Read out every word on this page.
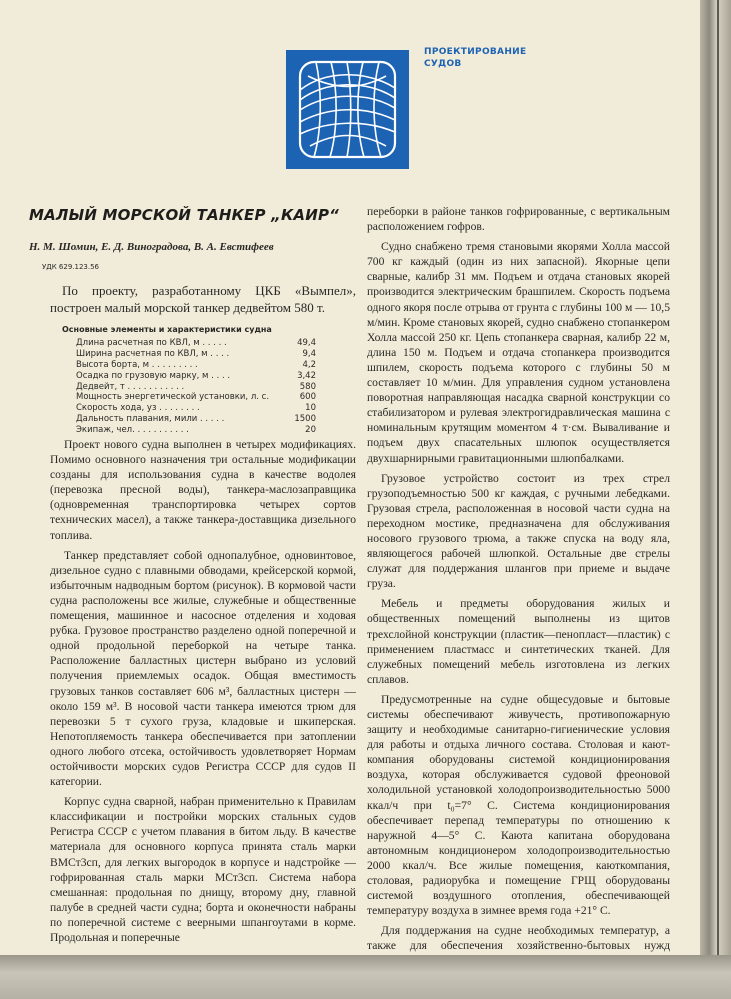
ПРОЕКТИРОВАНИЕ
СУДОВ
МАЛЫЙ МОРСКОЙ ТАНКЕР „КАИР“
Н. М. Шомин, Е. Д. Виноградова, В. А. Евстифеев
УДК 629.123.56
По проекту, разработанному ЦКБ «Вымпел», построен малый морской танкер дедвейтом 580 т.
Основные элементы и характеристики судна
Длина расчетная по КВЛ, м . . . . .	49,4
Ширина расчетная по КВЛ, м . . . .	9,4
Высота борта, м . . . . . . . . .	4,2
Осадка по грузовую марку, м . . . .	3,42
Дедвейт, т . . . . . . . . . . .	580
Мощность энергетической установки, л. с.	600
Скорость хода, уз . . . . . . . .	10
Дальность плавания, мили . . . . .	1500
Экипаж, чел. . . . . . . . . . .	20

Проект нового судна выполнен в четырех модификациях. Помимо основного назначения три остальные модификации созданы для использования судна в качестве водолея (перевозка пресной воды), танкера-маслозаправщика (одновременная транспортировка четырех сортов технических масел), а также танкера-доставщика дизельного топлива.

Танкер представляет собой однопалубное, одновинтовое, дизельное судно с плавными обводами, крейсерской кормой, избыточным надводным бортом (рисунок). В кормовой части судна расположены все жилые, служебные и общественные помещения, машинное и насосное отделения и ходовая рубка. Грузовое пространство разделено одной поперечной и одной продольной переборкой на четыре танка. Расположение балластных цистерн выбрано из условий получения приемлемых осадок. Общая вместимость грузовых танков составляет 606 м³, балластных цистерн — около 159 м³. В носовой части танкера имеются трюм для перевозки 5 т сухого груза, кладовые и шкиперская. Непотопляемость танкера обеспечивается при затоплении одного любого отсека, остойчивость удовлетворяет Нормам остойчивости морских судов Регистра СССР для судов II категории.

Корпус судна сварной, набран применительно к Правилам классификации и постройки морских стальных судов Регистра СССР с учетом плавания в битом льду. В качестве материала для основного корпуса принята сталь марки ВМСт3сп, для легких выгородок в корпусе и надстройке — гофрированная сталь марки МСт3сп. Система набора смешанная: продольная по днищу, второму дну, главной палубе в средней части судна; борта и оконечности набраны по поперечной системе с веерными шпангоутами в корме. Продольная и поперечные

переборки в районе танков гофрированные, с вертикальным расположением гофров.

Судно снабжено тремя становыми якорями Холла массой 700 кг каждый (один из них запасной). Якорные цепи сварные, калибр 31 мм. Подъем и отдача становых якорей производится электрическим брашпилем. Скорость подъема одного якоря после отрыва от грунта с глубины 100 м — 10,5 м/мин. Кроме становых якорей, судно снабжено стопанкером Холла массой 250 кг. Цепь стопанкера сварная, калибр 22 м, длина 150 м. Подъем и отдача стопанкера производится шпилем, скорость подъема которого с глубины 50 м составляет 10 м/мин. Для управления судном установлена поворотная направляющая насадка сварной конструкции со стабилизатором и рулевая электрогидравлическая машина с номинальным крутящим моментом 4 т·см. Вываливание и подъем двух спасательных шлюпок осуществляется двухшарнирными гравитационными шлюпбалками.

Грузовое устройство состоит из трех стрел грузоподъемностью 500 кг каждая, с ручными лебедками. Грузовая стрела, расположенная в носовой части судна на переходном мостике, предназначена для обслуживания носового грузового трюма, а также спуска на воду яла, являющегося рабочей шлюпкой. Остальные две стрелы служат для поддержания шлангов при приеме и выдаче груза.

Мебель и предметы оборудования жилых и общественных помещений выполнены из щитов трехслойной конструкции (пластик—пенопласт—пластик) с применением пластмасс и синтетических тканей. Для служебных помещений мебель изготовлена из легких сплавов.

Предусмотренные на судне общесудовые и бытовые системы обеспечивают живучесть, противопожарную защиту и необходимые санитарно-гигиенические условия для работы и отдыха личного состава. Столовая и кают-компания оборудованы системой кондиционирования воздуха, которая обслуживается судовой фреоновой холодильной установкой холодопроизводительностью 5000 ккал/ч при t₀=7° С. Система кондиционирования обеспечивает перепад температуры по отношению к наружной 4—5° С. Каюта капитана оборудована автономным кондиционером холодопроизводительностью 2000 ккал/ч. Все жилые помещения, каюткомпания, столовая, радиорубка и помещение ГРЩ оборудованы системой воздушного отопления, обеспечивающей температуру воздуха в зимнее время года +21° С.

Для поддержания на судне необходимых температур, а также для обеспечения хозяйственно-бытовых нужд
